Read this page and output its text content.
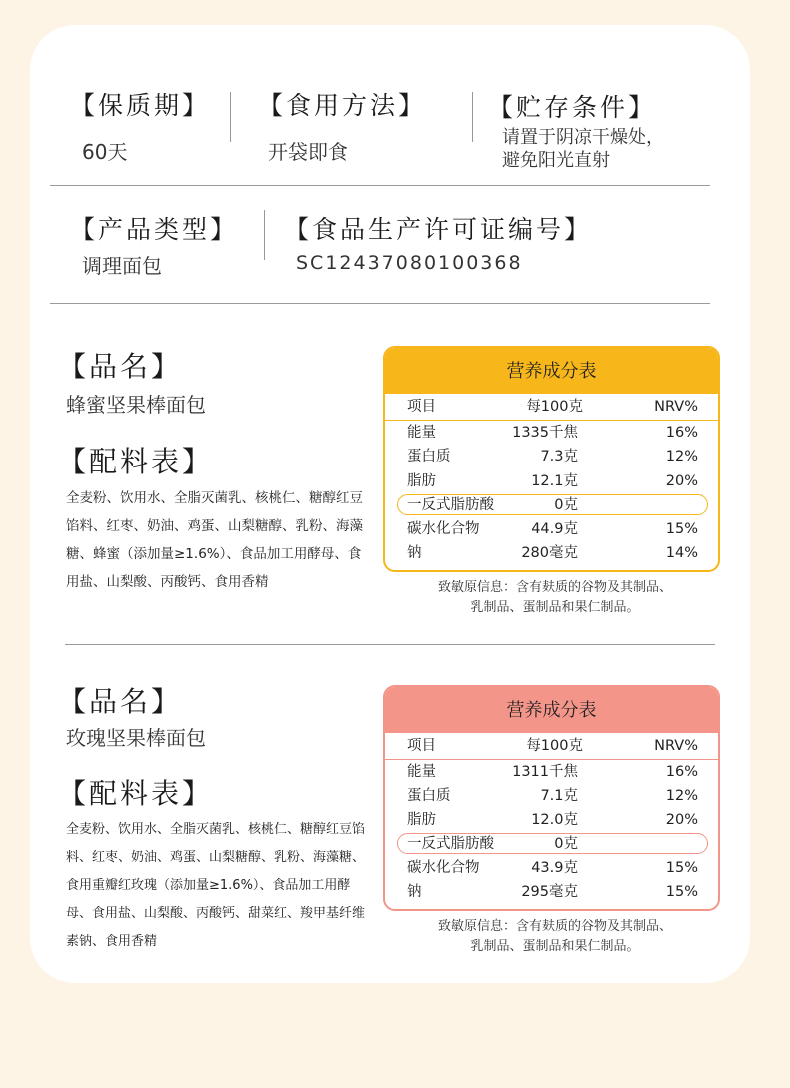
【保质期】
60天
【食用方法】
开袋即食
【贮存条件】
请置于阴凉干燥处，
避免阳光直射
【产品类型】
调理面包
【食品生产许可证编号】
SC12437080100368
【品名】
蜂蜜坚果棒面包
【配料表】
全麦粉、饮用水、全脂灭菌乳、核桃仁、糖醇红豆馅料、红枣、奶油、鸡蛋、山梨糖醇、乳粉、海藻糖、蜂蜜（添加量≥1.6%）、食品加工用酵母、食用盐、山梨酸、丙酸钙、食用香精
营养成分表
项目	每100克	NRV%
能量	1335千焦	16%
蛋白质	7.3克	12%
脂肪	12.1克	20%
一反式脂肪酸	0克
碳水化合物	44.9克	15%
钠	280毫克	14%
致敏原信息：含有麸质的谷物及其制品、
乳制品、蛋制品和果仁制品。
【品名】
玫瑰坚果棒面包
【配料表】
全麦粉、饮用水、全脂灭菌乳、核桃仁、糖醇红豆馅料、红枣、奶油、鸡蛋、山梨糖醇、乳粉、海藻糖、食用重瓣红玫瑰（添加量≥1.6%）、食品加工用酵母、食用盐、山梨酸、丙酸钙、甜菜红、羧甲基纤维素钠、食用香精
营养成分表
项目	每100克	NRV%
能量	1311千焦	16%
蛋白质	7.1克	12%
脂肪	12.0克	20%
一反式脂肪酸	0克
碳水化合物	43.9克	15%
钠	295毫克	15%
致敏原信息：含有麸质的谷物及其制品、
乳制品、蛋制品和果仁制品。
